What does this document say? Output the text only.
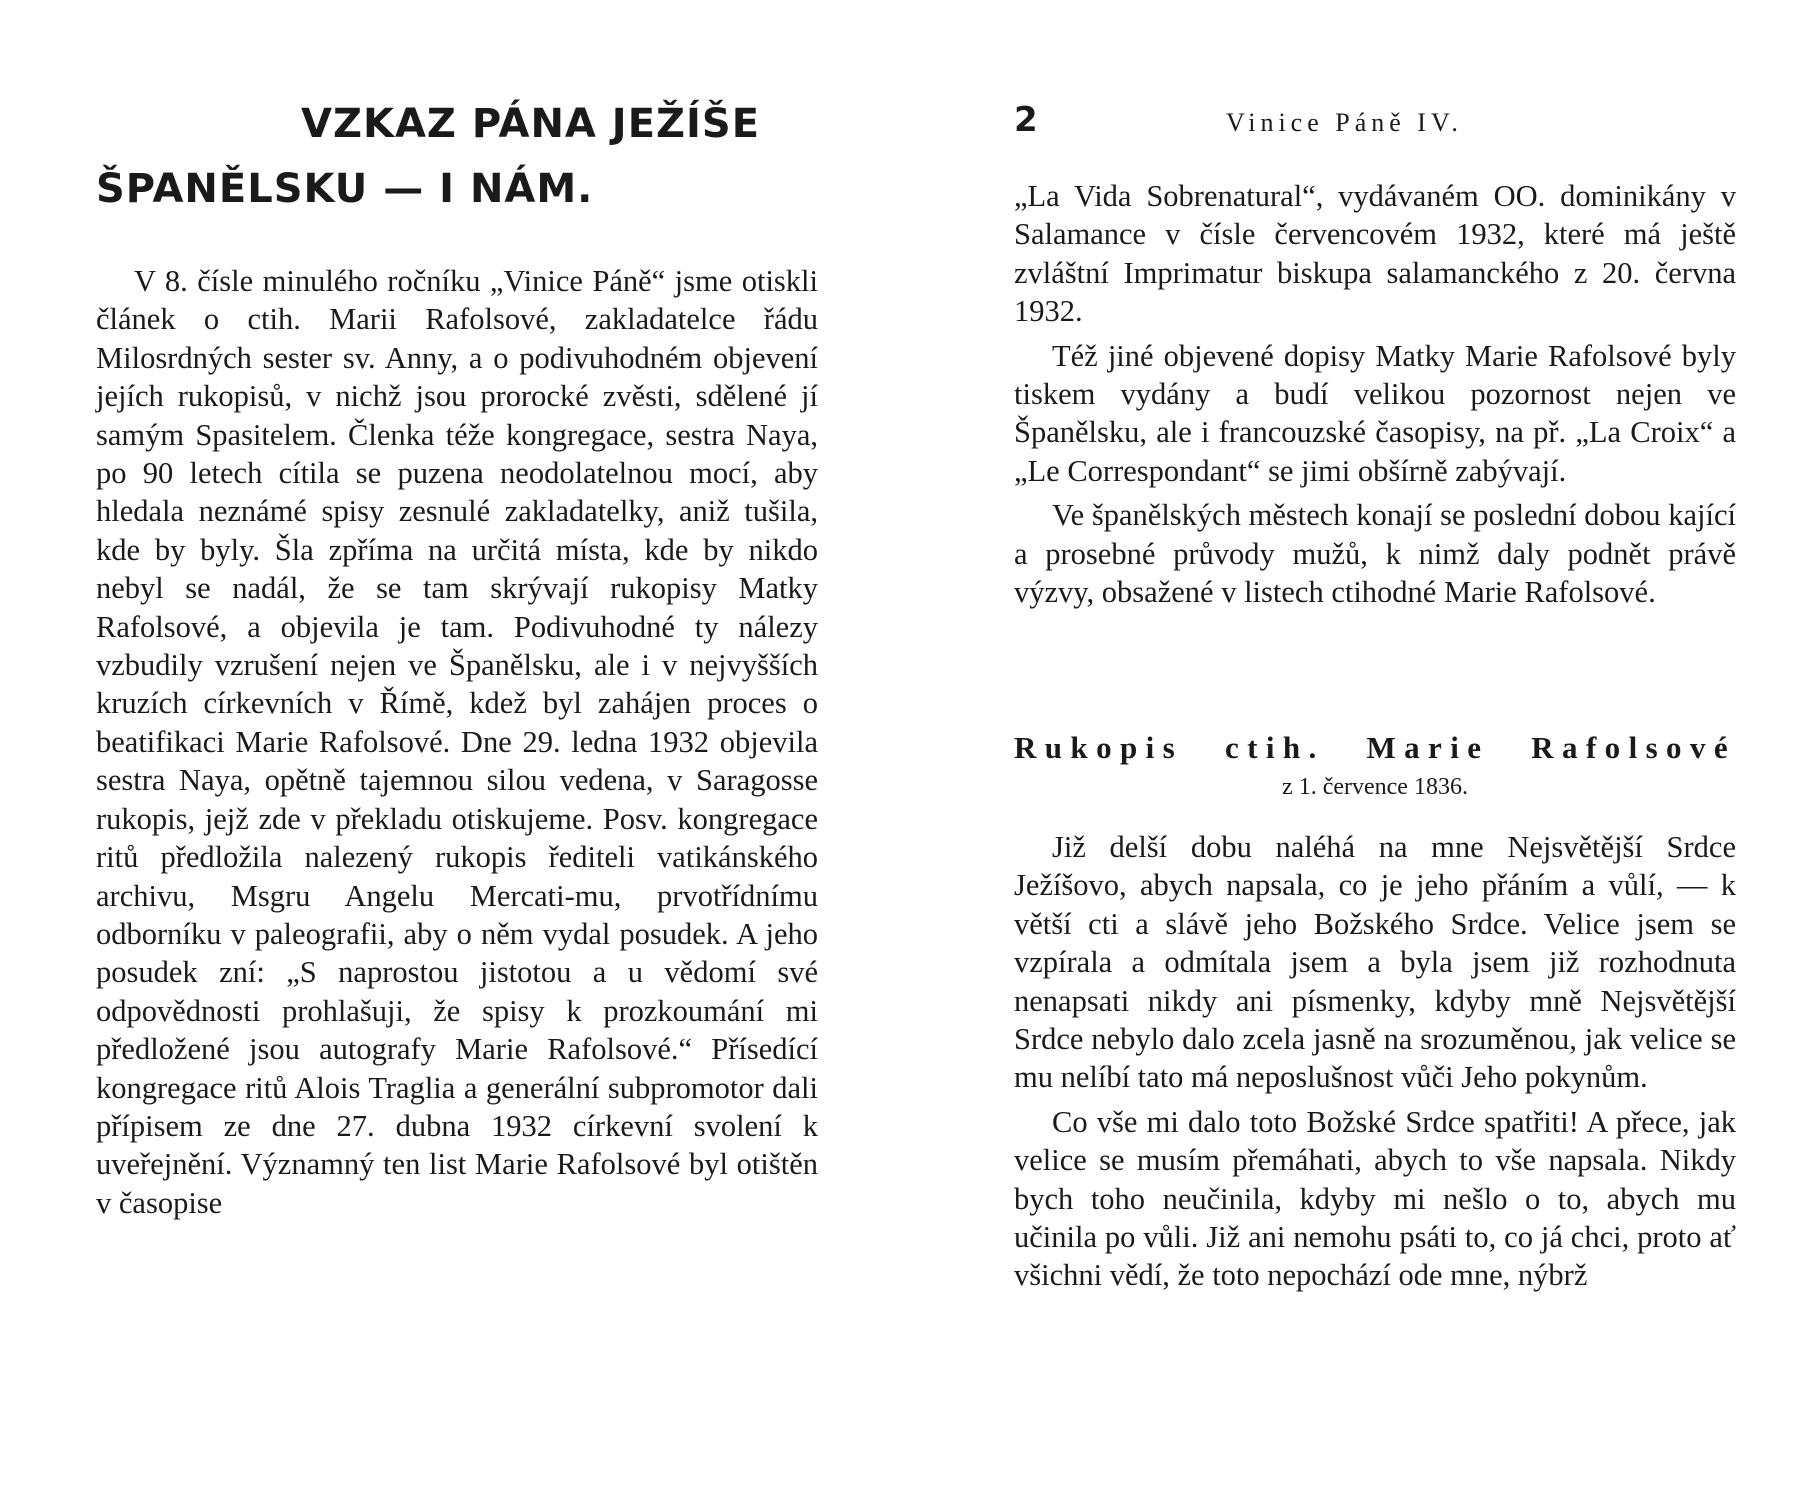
VZKAZ PÁNA JEŽÍŠE
ŠPANĚLSKU — I NÁM.

V 8. čísle minulého ročníku „Vinice Páně“ jsme otiskli článek o ctih. Marii Rafolsové, zakladatelce řádu Milosrdných sester sv. Anny, a o podivuhodném objevení jejích rukopisů, v nichž jsou prorocké zvěsti, sdělené jí samým Spasitelem. Členka téže kongregace, sestra Naya, po 90 letech cítila se puzena neodolatelnou mocí, aby hledala neznámé spisy zesnulé zakladatelky, aniž tušila, kde by byly. Šla zpříma na určitá místa, kde by nikdo nebyl se nadál, že se tam skrývají rukopisy Matky Rafolsové, a objevila je tam. Podivuhodné ty nálezy vzbudily vzrušení nejen ve Španělsku, ale i v nejvyšších kruzích církevních v Římě, kdež byl zahájen proces o beatifikaci Marie Rafolsové. Dne 29. ledna 1932 objevila sestra Naya, opětně tajemnou silou vedena, v Saragosse rukopis, jejž zde v překladu otiskujeme. Posv. kongregace ritů předložila nalezený rukopis řediteli vatikánského archivu, Msgru Angelu Mercati-mu, prvotřídnímu odborníku v paleografii, aby o něm vydal posudek. A jeho posudek zní: „S naprostou jistotou a u vědomí své odpovědnosti prohlašuji, že spisy k prozkoumání mi předložené jsou autografy Marie Rafolsové.“ Přísedící kongregace ritů Alois Traglia a generální subpromotor dali přípisem ze dne 27. dubna 1932 církevní svolení k uveřejnění. Významný ten list Marie Rafolsové byl otištěn v časopise

2	Vinice Páně IV.

„La Vida Sobrenatural“, vydávaném OO. dominikány v Salamance v čísle červencovém 1932, které má ještě zvláštní Imprimatur biskupa salamanckého z 20. června 1932.

Též jiné objevené dopisy Matky Marie Rafolsové byly tiskem vydány a budí velikou pozornost nejen ve Španělsku, ale i francouzské časopisy, na př. „La Croix“ a „Le Correspondant“ se jimi obšírně zabývají.

Ve španělských městech konají se poslední dobou kající a prosebné průvody mužů, k nimž daly podnět právě výzvy, obsažené v listech ctihodné Marie Rafolsové.

Rukopis ctih. Marie Rafolsové
z 1. července 1836.

Již delší dobu naléhá na mne Nejsvětější Srdce Ježíšovo, abych napsala, co je jeho přáním a vůlí, — k větší cti a slávě jeho Božského Srdce. Velice jsem se vzpírala a odmítala jsem a byla jsem již rozhodnuta nenapsati nikdy ani písmenky, kdyby mně Nejsvětější Srdce nebylo dalo zcela jasně na srozuměnou, jak velice se mu nelíbí tato má neposlušnost vůči Jeho pokynům.

Co vše mi dalo toto Božské Srdce spatřiti! A přece, jak velice se musím přemáhati, abych to vše napsala. Nikdy bych toho neučinila, kdyby mi nešlo o to, abych mu učinila po vůli. Již ani nemohu psáti to, co já chci, proto ať všichni vědí, že toto nepochází ode mne, nýbrž
